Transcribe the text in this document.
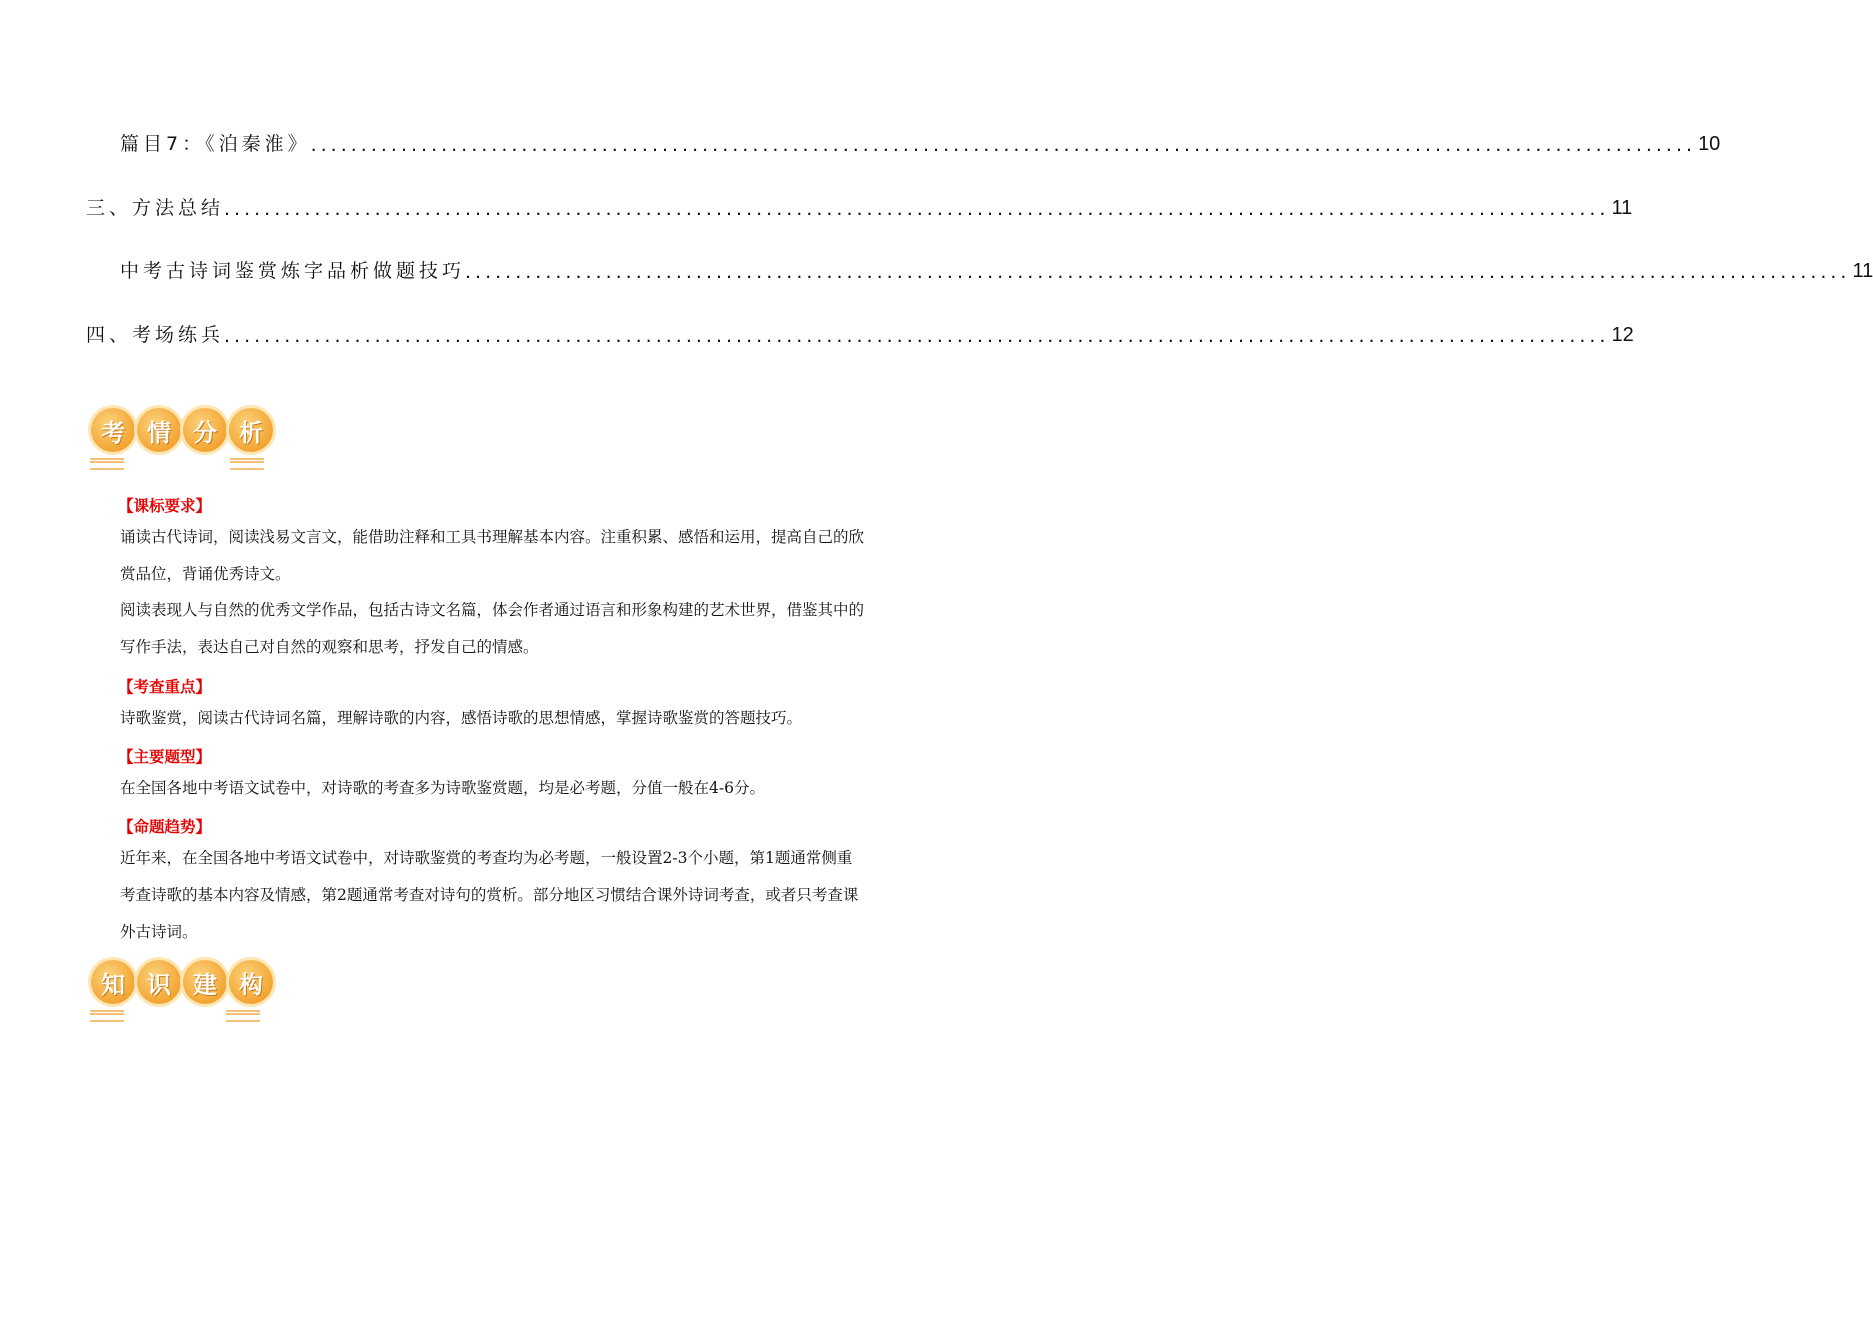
篇目7：《泊秦淮》 .......................................................................................................................................... 10
三、方法总结 .......................................................................................................................................... 11
中考古诗词鉴赏炼字品析做题技巧 .......................................................................................................................................... 11
四、考场练兵 .......................................................................................................................................... 12
考 情 分 析
【课标要求】
诵读古代诗词，阅读浅易文言文，能借助注释和工具书理解基本内容。注重积累、感悟和运用，提高自己的欣赏品位，背诵优秀诗文。
阅读表现人与自然的优秀文学作品，包括古诗文名篇，体会作者通过语言和形象构建的艺术世界，借鉴其中的写作手法，表达自己对自然的观察和思考，抒发自己的情感。
【考查重点】
诗歌鉴赏，阅读古代诗词名篇，理解诗歌的内容，感悟诗歌的思想情感，掌握诗歌鉴赏的答题技巧。
【主要题型】
在全国各地中考语文试卷中，对诗歌的考查多为诗歌鉴赏题，均是必考题，分值一般在4-6分。
【命题趋势】
近年来，在全国各地中考语文试卷中，对诗歌鉴赏的考查均为必考题，一般设置2-3个小题，第1题通常侧重考查诗歌的基本内容及情感，第2题通常考查对诗句的赏析。部分地区习惯结合课外诗词考查，或者只考查课外古诗词。
知 识 建 构
